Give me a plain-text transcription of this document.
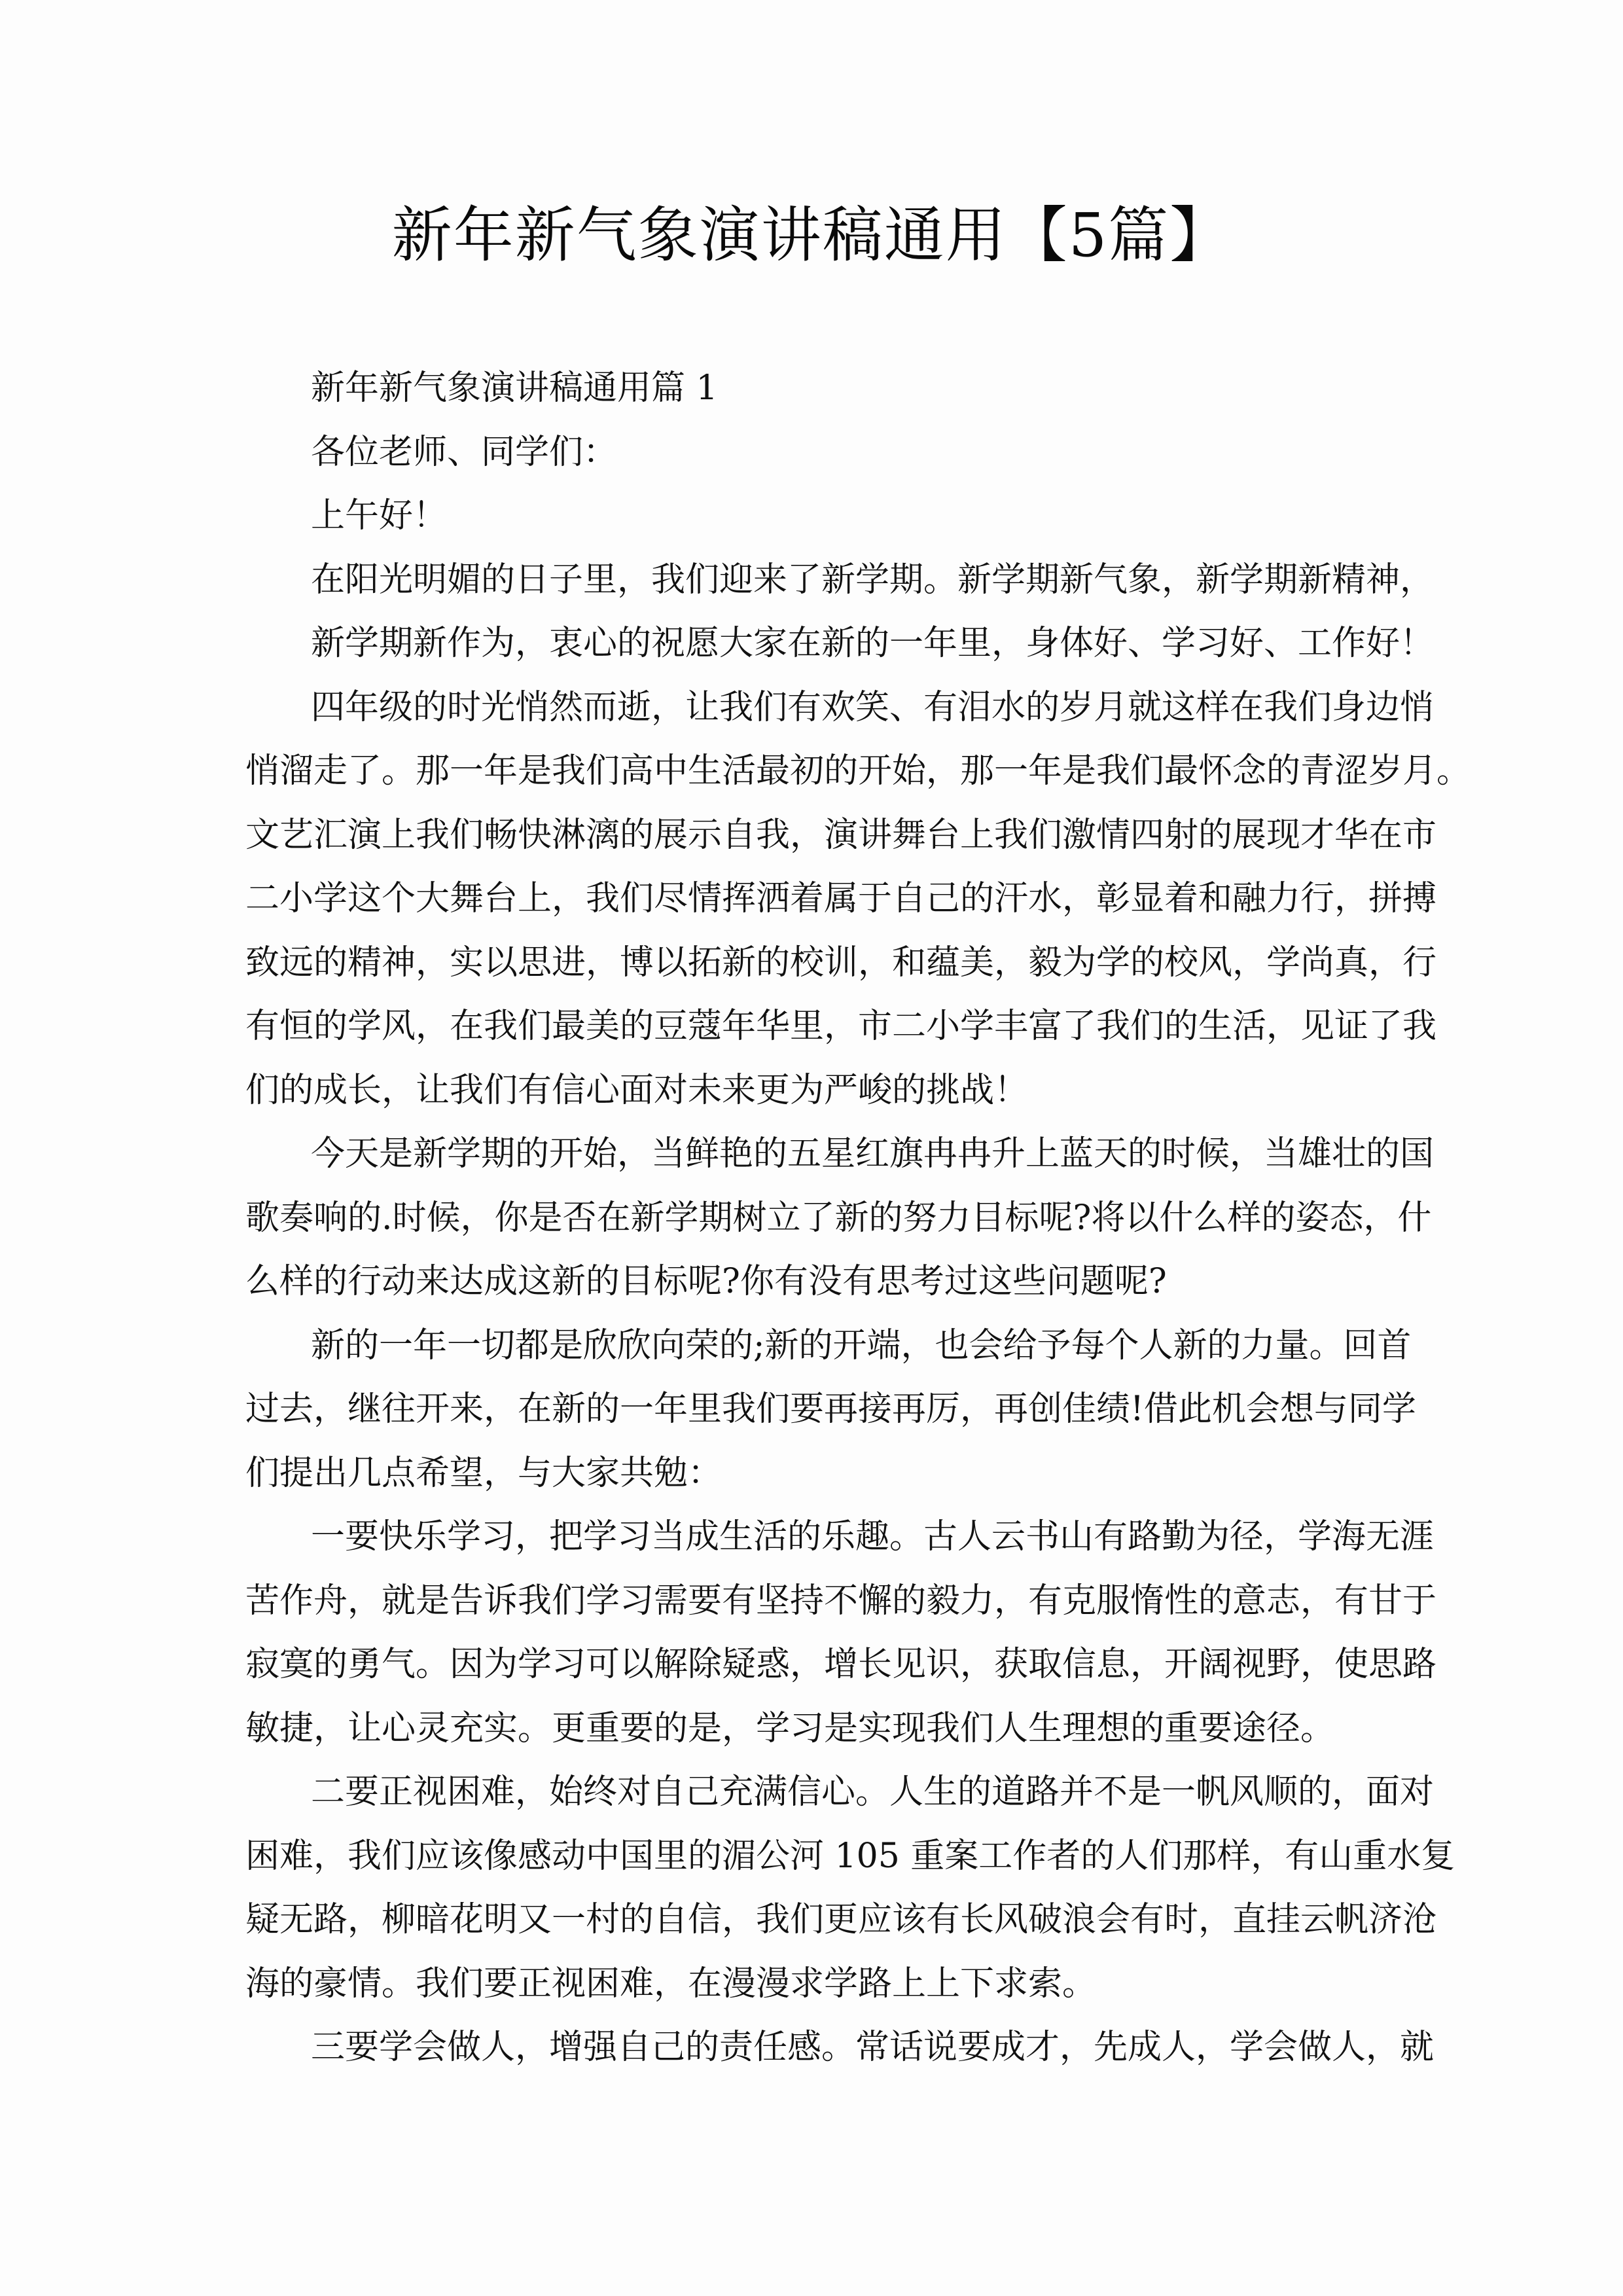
新年新气象演讲稿通用【5篇】
新年新气象演讲稿通用篇 1
各位老师、同学们：
上午好！
在阳光明媚的日子里，我们迎来了新学期。新学期新气象，新学期新精神，
新学期新作为，衷心的祝愿大家在新的一年里，身体好、学习好、工作好！
四年级的时光悄然而逝，让我们有欢笑、有泪水的岁月就这样在我们身边悄
悄溜走了。那一年是我们高中生活最初的开始，那一年是我们最怀念的青涩岁月。
文艺汇演上我们畅快淋漓的展示自我，演讲舞台上我们激情四射的展现才华在市
二小学这个大舞台上，我们尽情挥洒着属于自己的汗水，彰显着和融力行，拼搏
致远的精神，实以思进，博以拓新的校训，和蕴美，毅为学的校风，学尚真，行
有恒的学风，在我们最美的豆蔻年华里，市二小学丰富了我们的生活，见证了我
们的成长，让我们有信心面对未来更为严峻的挑战！
今天是新学期的开始，当鲜艳的五星红旗冉冉升上蓝天的时候，当雄壮的国
歌奏响的.时候，你是否在新学期树立了新的努力目标呢?将以什么样的姿态，什
么样的行动来达成这新的目标呢?你有没有思考过这些问题呢?
新的一年一切都是欣欣向荣的;新的开端，也会给予每个人新的力量。回首
过去，继往开来，在新的一年里我们要再接再厉，再创佳绩!借此机会想与同学
们提出几点希望，与大家共勉：
一要快乐学习，把学习当成生活的乐趣。古人云书山有路勤为径，学海无涯
苦作舟，就是告诉我们学习需要有坚持不懈的毅力，有克服惰性的意志，有甘于
寂寞的勇气。因为学习可以解除疑惑，增长见识，获取信息，开阔视野，使思路
敏捷，让心灵充实。更重要的是，学习是实现我们人生理想的重要途径。
二要正视困难，始终对自己充满信心。人生的道路并不是一帆风顺的，面对
困难，我们应该像感动中国里的湄公河 105 重案工作者的人们那样，有山重水复
疑无路，柳暗花明又一村的自信，我们更应该有长风破浪会有时，直挂云帆济沧
海的豪情。我们要正视困难，在漫漫求学路上上下求索。
三要学会做人，增强自己的责任感。常话说要成才，先成人，学会做人，就
